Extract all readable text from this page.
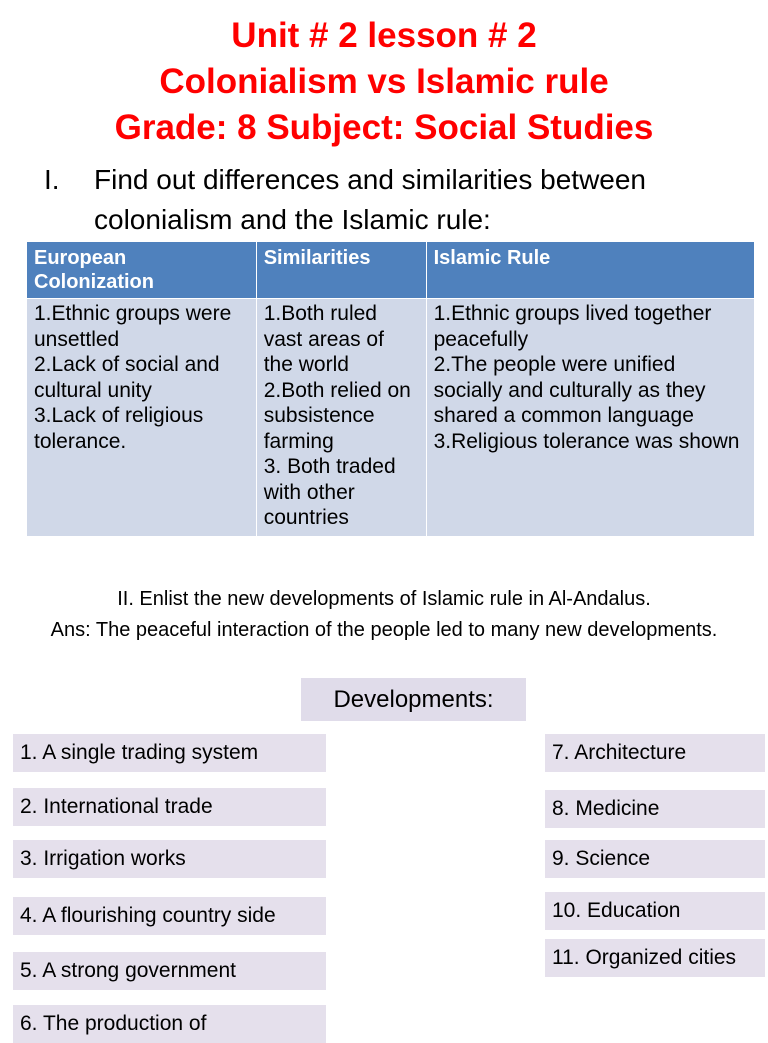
Unit # 2 lesson # 2
Colonialism vs Islamic rule
Grade: 8 Subject: Social Studies
I. Find out differences and similarities between colonialism and the Islamic rule:
European Colonization	Similarities	Islamic Rule

1.Ethnic groups were unsettled
2.Lack of social and cultural unity
3.Lack of religious tolerance.	1.Both ruled vast areas of the world
2.Both relied on subsistence farming
3. Both traded with other countries	1.Ethnic groups lived together peacefully
2.The people were unified socially and culturally as they shared a common language
3.Religious tolerance was shown
II. Enlist the new developments of Islamic rule in Al-Andalus.
Ans: The peaceful interaction of the people led to many new developments.
Developments:
1. A single trading system
2. International trade
3. Irrigation works
4. A flourishing country side
5. A strong government
6. The production of
7. Architecture
8. Medicine
9. Science
10. Education
11. Organized cities
